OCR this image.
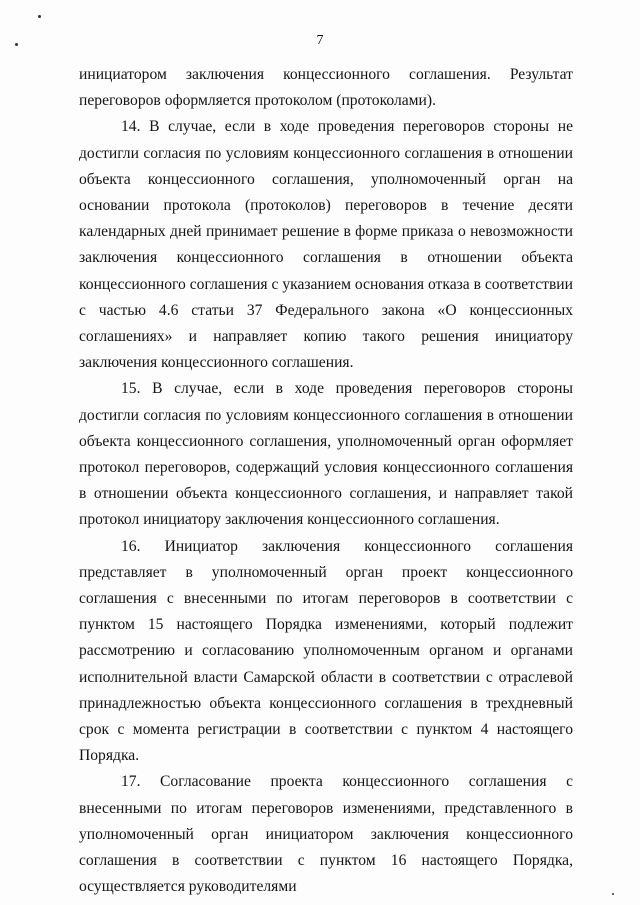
7

инициатором заключения концессионного соглашения. Результат переговоров оформляется протоколом (протоколами).

14. В случае, если в ходе проведения переговоров стороны не достигли согласия по условиям концессионного соглашения в отношении объекта концессионного соглашения, уполномоченный орган на основании протокола (протоколов) переговоров в течение десяти календарных дней принимает решение в форме приказа о невозможности заключения концессионного соглашения в отношении объекта концессионного соглашения с указанием основания отказа в соответствии с частью 4.6 статьи 37 Федерального закона «О концессионных соглашениях» и направляет копию такого решения инициатору заключения концессионного соглашения.

15. В случае, если в ходе проведения переговоров стороны достигли согласия по условиям концессионного соглашения в отношении объекта концессионного соглашения, уполномоченный орган оформляет протокол переговоров, содержащий условия концессионного соглашения в отношении объекта концессионного соглашения, и направляет такой протокол инициатору заключения концессионного соглашения.

16. Инициатор заключения концессионного соглашения представляет в уполномоченный орган проект концессионного соглашения с внесенными по итогам переговоров в соответствии с пунктом 15 настоящего Порядка изменениями, который подлежит рассмотрению и согласованию уполномоченным органом и органами исполнительной власти Самарской области в соответствии с отраслевой принадлежностью объекта концессионного соглашения в трехдневный срок с момента регистрации в соответствии с пунктом 4 настоящего Порядка.

17. Согласование проекта концессионного соглашения с внесенными по итогам переговоров изменениями, представленного в уполномоченный орган инициатором заключения концессионного соглашения в соответствии с пунктом 16 настоящего Порядка, осуществляется руководителями
